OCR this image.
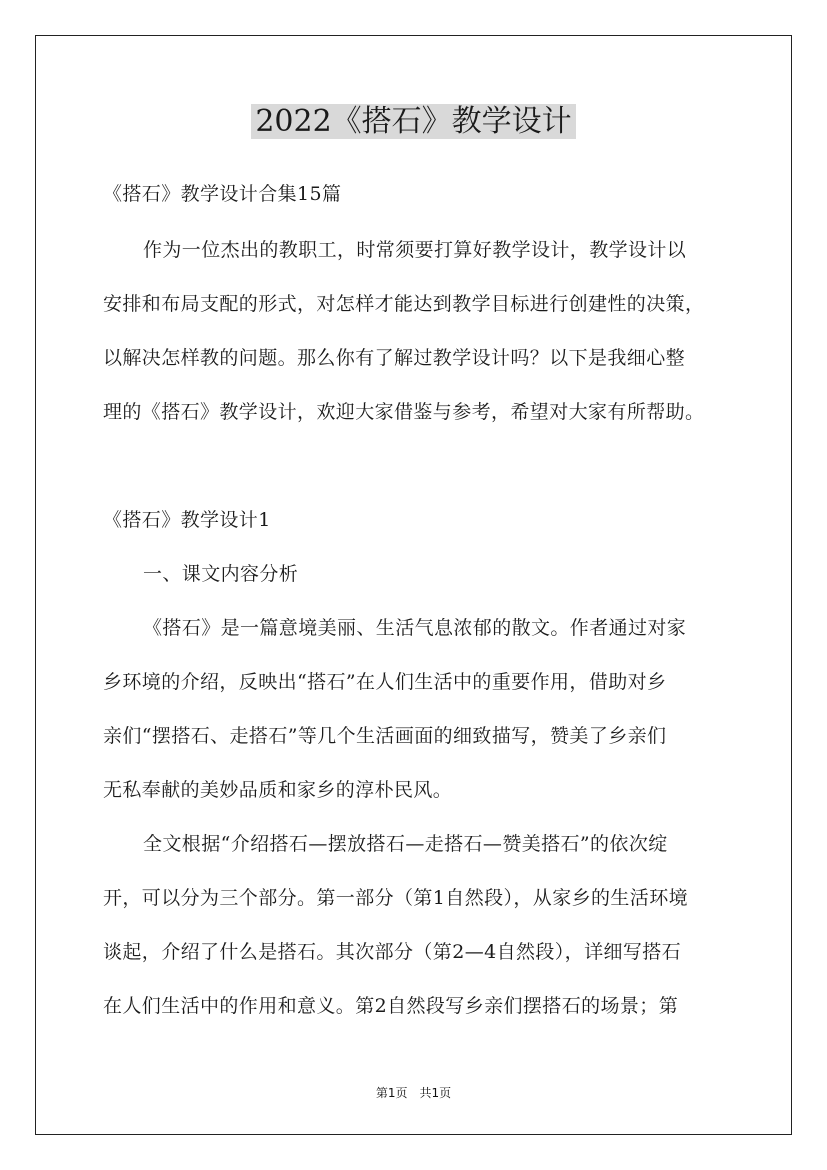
2022《搭石》教学设计
《搭石》教学设计合集15篇
作为一位杰出的教职工，时常须要打算好教学设计，教学设计以
安排和布局支配的形式，对怎样才能达到教学目标进行创建性的决策，
以解决怎样教的问题。那么你有了解过教学设计吗？以下是我细心整
理的《搭石》教学设计，欢迎大家借鉴与参考，希望对大家有所帮助。
《搭石》教学设计1
一、课文内容分析
《搭石》是一篇意境美丽、生活气息浓郁的散文。作者通过对家
乡环境的介绍，反映出“搭石”在人们生活中的重要作用，借助对乡
亲们“摆搭石、走搭石”等几个生活画面的细致描写，赞美了乡亲们
无私奉献的美妙品质和家乡的淳朴民风。
全文根据“介绍搭石—摆放搭石—走搭石—赞美搭石”的依次绽
开，可以分为三个部分。第一部分（第1自然段），从家乡的生活环境
谈起，介绍了什么是搭石。其次部分（第2—4自然段），详细写搭石
在人们生活中的作用和意义。第2自然段写乡亲们摆搭石的场景；第
第1页　共1页
